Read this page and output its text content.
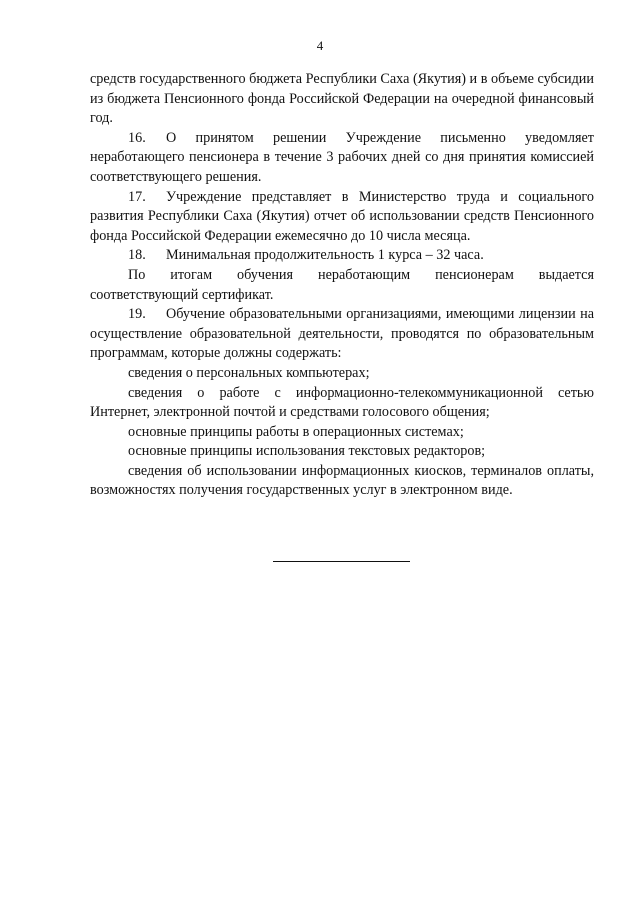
4

средств государственного бюджета Республики Саха (Якутия) и в объеме субсидии из бюджета Пенсионного фонда Российской Федерации на очередной финансовый год.

16. О принятом решении Учреждение письменно уведомляет неработающего пенсионера в течение 3 рабочих дней со дня принятия комиссией соответствующего решения.

17. Учреждение представляет в Министерство труда и социального развития Республики Саха (Якутия) отчет об использовании средств Пенсионного фонда Российской Федерации ежемесячно до 10 числа месяца.

18. Минимальная продолжительность 1 курса – 32 часа.

По итогам обучения неработающим пенсионерам выдается соответствующий сертификат.

19. Обучение образовательными организациями, имеющими лицензии на осуществление образовательной деятельности, проводятся по образовательным программам, которые должны содержать:

сведения о персональных компьютерах;

сведения о работе с информационно-телекоммуникационной сетью Интернет, электронной почтой и средствами голосового общения;

основные принципы работы в операционных системах;

основные принципы использования текстовых редакторов;

сведения об использовании информационных киосков, терминалов оплаты, возможностях получения государственных услуг в электронном виде.
